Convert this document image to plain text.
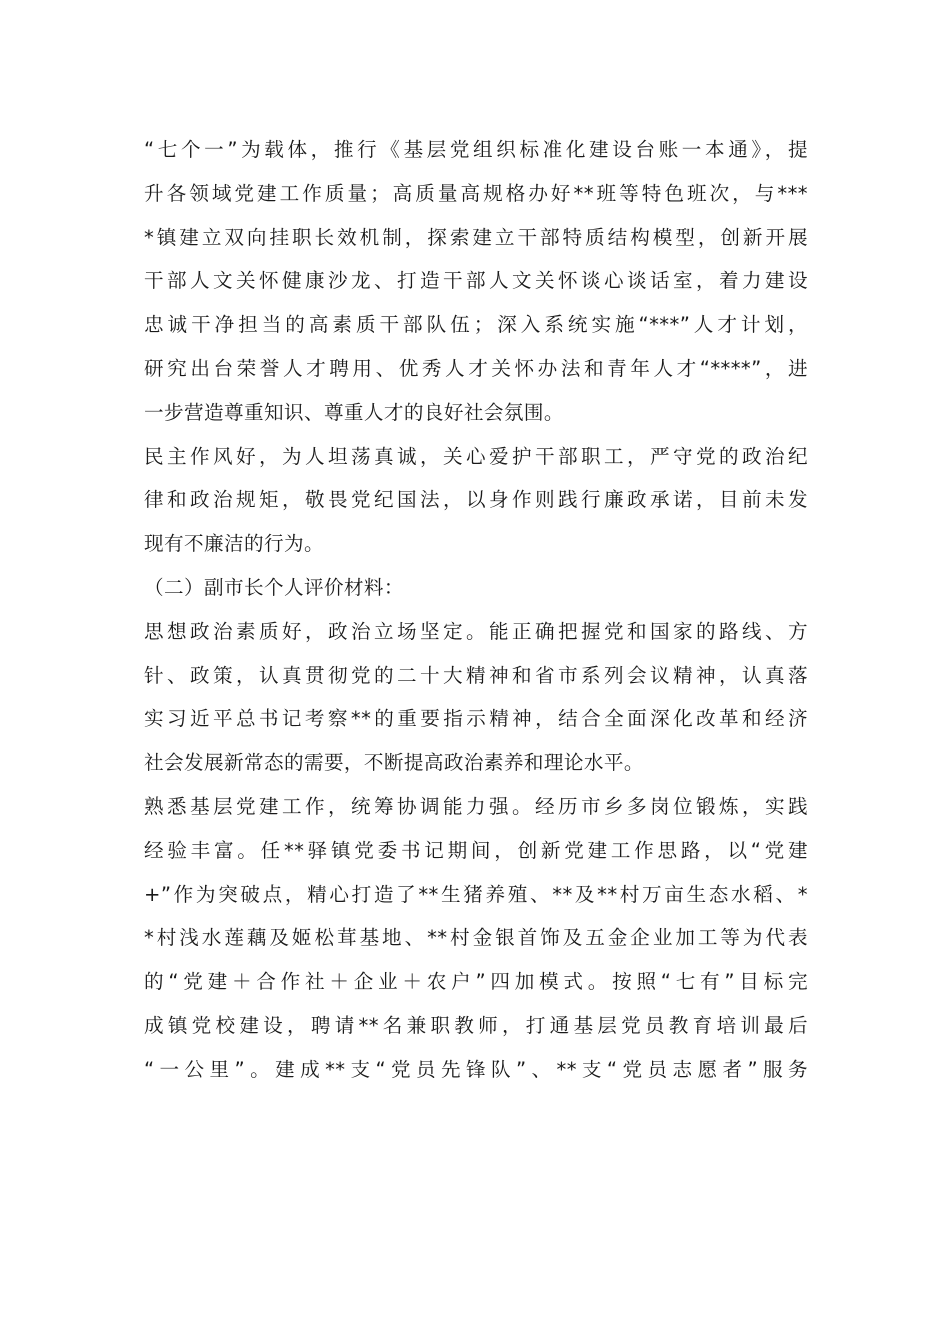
“七个一”为载体，推行《基层党组织标准化建设台账一本通》，提
升各领域党建工作质量；高质量高规格办好**班等特色班次，与***
*镇建立双向挂职长效机制，探索建立干部特质结构模型，创新开展
干部人文关怀健康沙龙、打造干部人文关怀谈心谈话室，着力建设
忠诚干净担当的高素质干部队伍；深入系统实施“***”人才计划，
研究出台荣誉人才聘用、优秀人才关怀办法和青年人才“****”，进
一步营造尊重知识、尊重人才的良好社会氛围。
民主作风好，为人坦荡真诚，关心爱护干部职工，严守党的政治纪
律和政治规矩，敬畏党纪国法，以身作则践行廉政承诺，目前未发
现有不廉洁的行为。
（二）副市长个人评价材料：
思想政治素质好，政治立场坚定。能正确把握党和国家的路线、方
针、政策，认真贯彻党的二十大精神和省市系列会议精神，认真落
实习近平总书记考察**的重要指示精神，结合全面深化改革和经济
社会发展新常态的需要，不断提高政治素养和理论水平。
熟悉基层党建工作，统筹协调能力强。经历市乡多岗位锻炼，实践
经验丰富。任**驿镇党委书记期间，创新党建工作思路，以“党建
+”作为突破点，精心打造了**生猪养殖、**及**村万亩生态水稻、*
*村浅水莲藕及姬松茸基地、**村金银首饰及五金企业加工等为代表
的“党建＋合作社＋企业＋农户”四加模式。按照“七有”目标完
成镇党校建设，聘请**名兼职教师，打通基层党员教育培训最后
“一公里”。建成**支“党员先锋队”、**支“党员志愿者”服务
